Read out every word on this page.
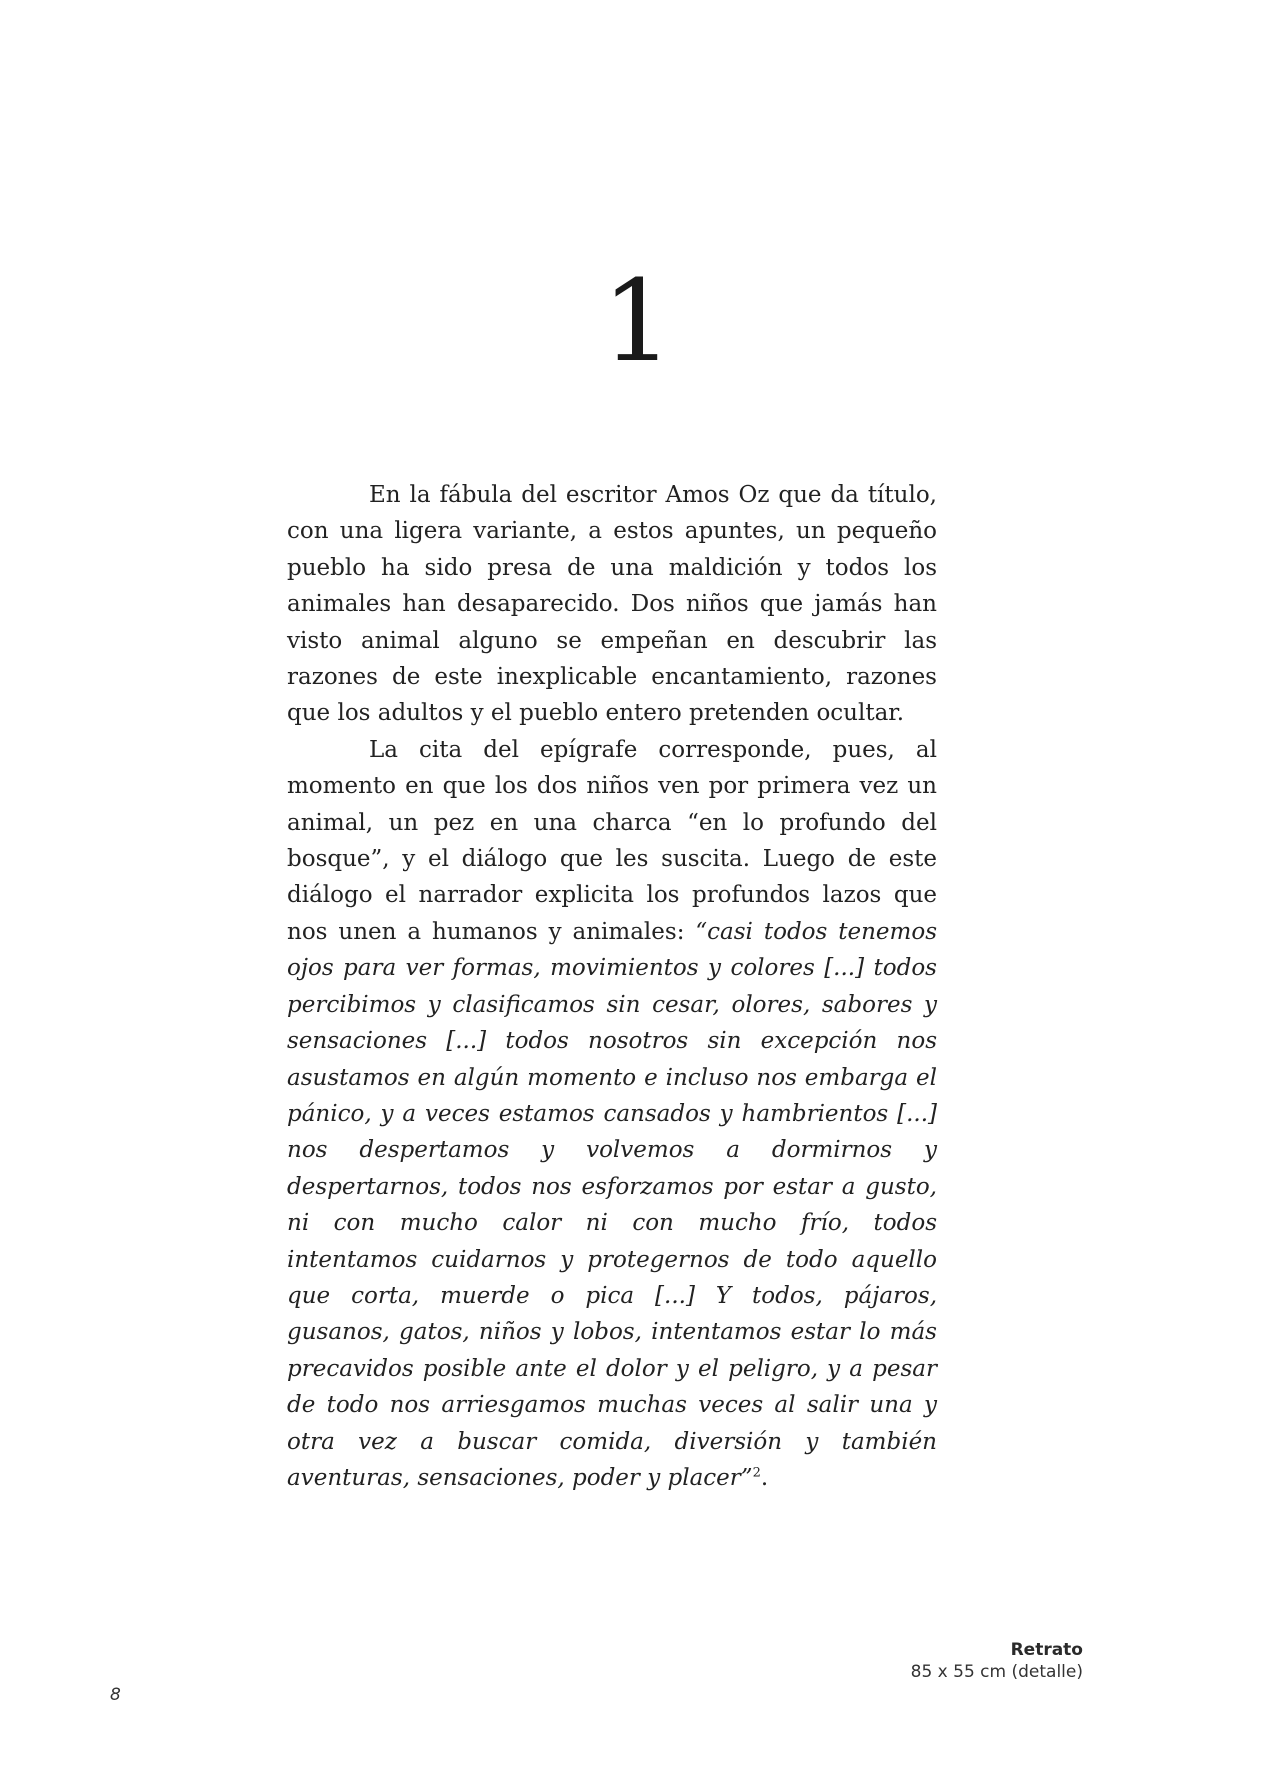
1

En la fábula del escritor Amos Oz que da título, con una ligera variante, a estos apuntes, un pequeño pueblo ha sido presa de una maldición y todos los animales han desaparecido. Dos niños que jamás han visto animal alguno se empeñan en descubrir las razones de este inexplicable encantamiento, razones que los adultos y el pueblo entero pretenden ocultar.

La cita del epígrafe corresponde, pues, al momento en que los dos niños ven por primera vez un animal, un pez en una charca “en lo profundo del bosque”, y el diálogo que les suscita. Luego de este diálogo el narrador explicita los profundos lazos que nos unen a humanos y animales: “casi todos tenemos ojos para ver formas, movimientos y colores [...] todos percibimos y clasificamos sin cesar, olores, sabores y sensaciones [...] todos nosotros sin excepción nos asustamos en algún momento e incluso nos embarga el pánico, y a veces estamos cansados y hambrientos [...] nos despertamos y volvemos a dormirnos y despertarnos, todos nos esforzamos por estar a gusto, ni con mucho calor ni con mucho frío, todos intentamos cuidarnos y protegernos de todo aquello que corta, muerde o pica [...] Y todos, pájaros, gusanos, gatos, niños y lobos, intentamos estar lo más precavidos posible ante el dolor y el peligro, y a pesar de todo nos arriesgamos muchas veces al salir una y otra vez a buscar comida, diversión y también aventuras, sensaciones, poder y placer”$^2$.

Retrato
85 x 55 cm (detalle)
8
